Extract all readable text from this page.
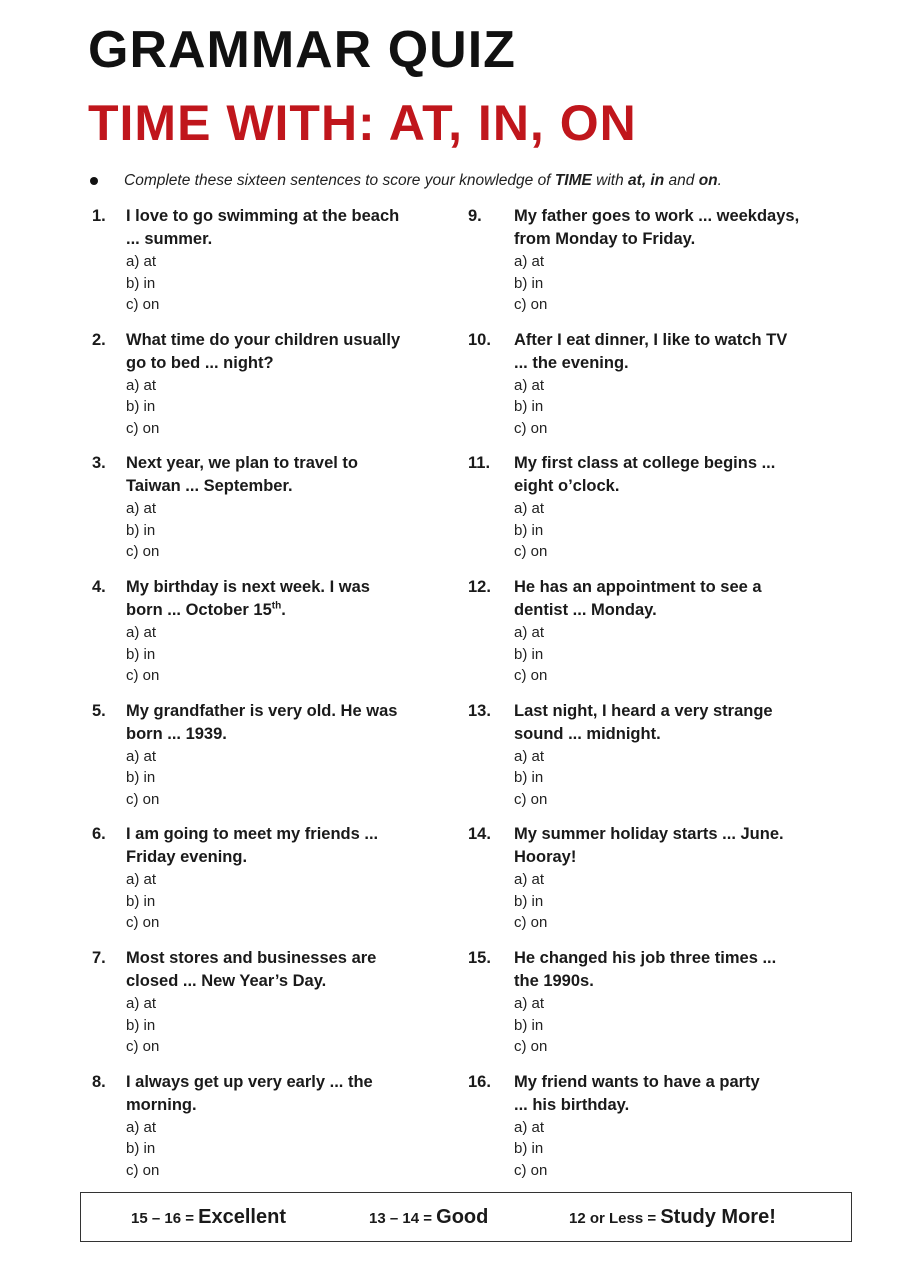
GRAMMAR QUIZ
TIME WITH: AT, IN, ON
Complete these sixteen sentences to score your knowledge of TIME with at, in and on.
1.	I love to go swimming at the beach
... summer.
a) at
b) in
c) on
2.	What time do your children usually
go to bed ... night?
a) at
b) in
c) on
3.	Next year, we plan to travel to
Taiwan ... September.
a) at
b) in
c) on
4.	My birthday is next week. I was
born ... October 15th.
a) at
b) in
c) on
5.	My grandfather is very old. He was
born ... 1939.
a) at
b) in
c) on
6.	I am going to meet my friends ...
Friday evening.
a) at
b) in
c) on
7.	Most stores and businesses are
closed ... New Year’s Day.
a) at
b) in
c) on
8.	I always get up very early ... the
morning.
a) at
b) in
c) on
9.	My father goes to work ... weekdays,
from Monday to Friday.
a) at
b) in
c) on
10.	After I eat dinner, I like to watch TV
... the evening.
a) at
b) in
c) on
11.	My first class at college begins ...
eight o’clock.
a) at
b) in
c) on
12.	He has an appointment to see a
dentist ... Monday.
a) at
b) in
c) on
13.	Last night, I heard a very strange
sound ... midnight.
a) at
b) in
c) on
14.	My summer holiday starts ... June.
Hooray!
a) at
b) in
c) on
15.	He changed his job three times ...
the 1990s.
a) at
b) in
c) on
16.	My friend wants to have a party
... his birthday.
a) at
b) in
c) on
15 – 16 = Excellent	13 – 14 = Good	12 or Less = Study More!
